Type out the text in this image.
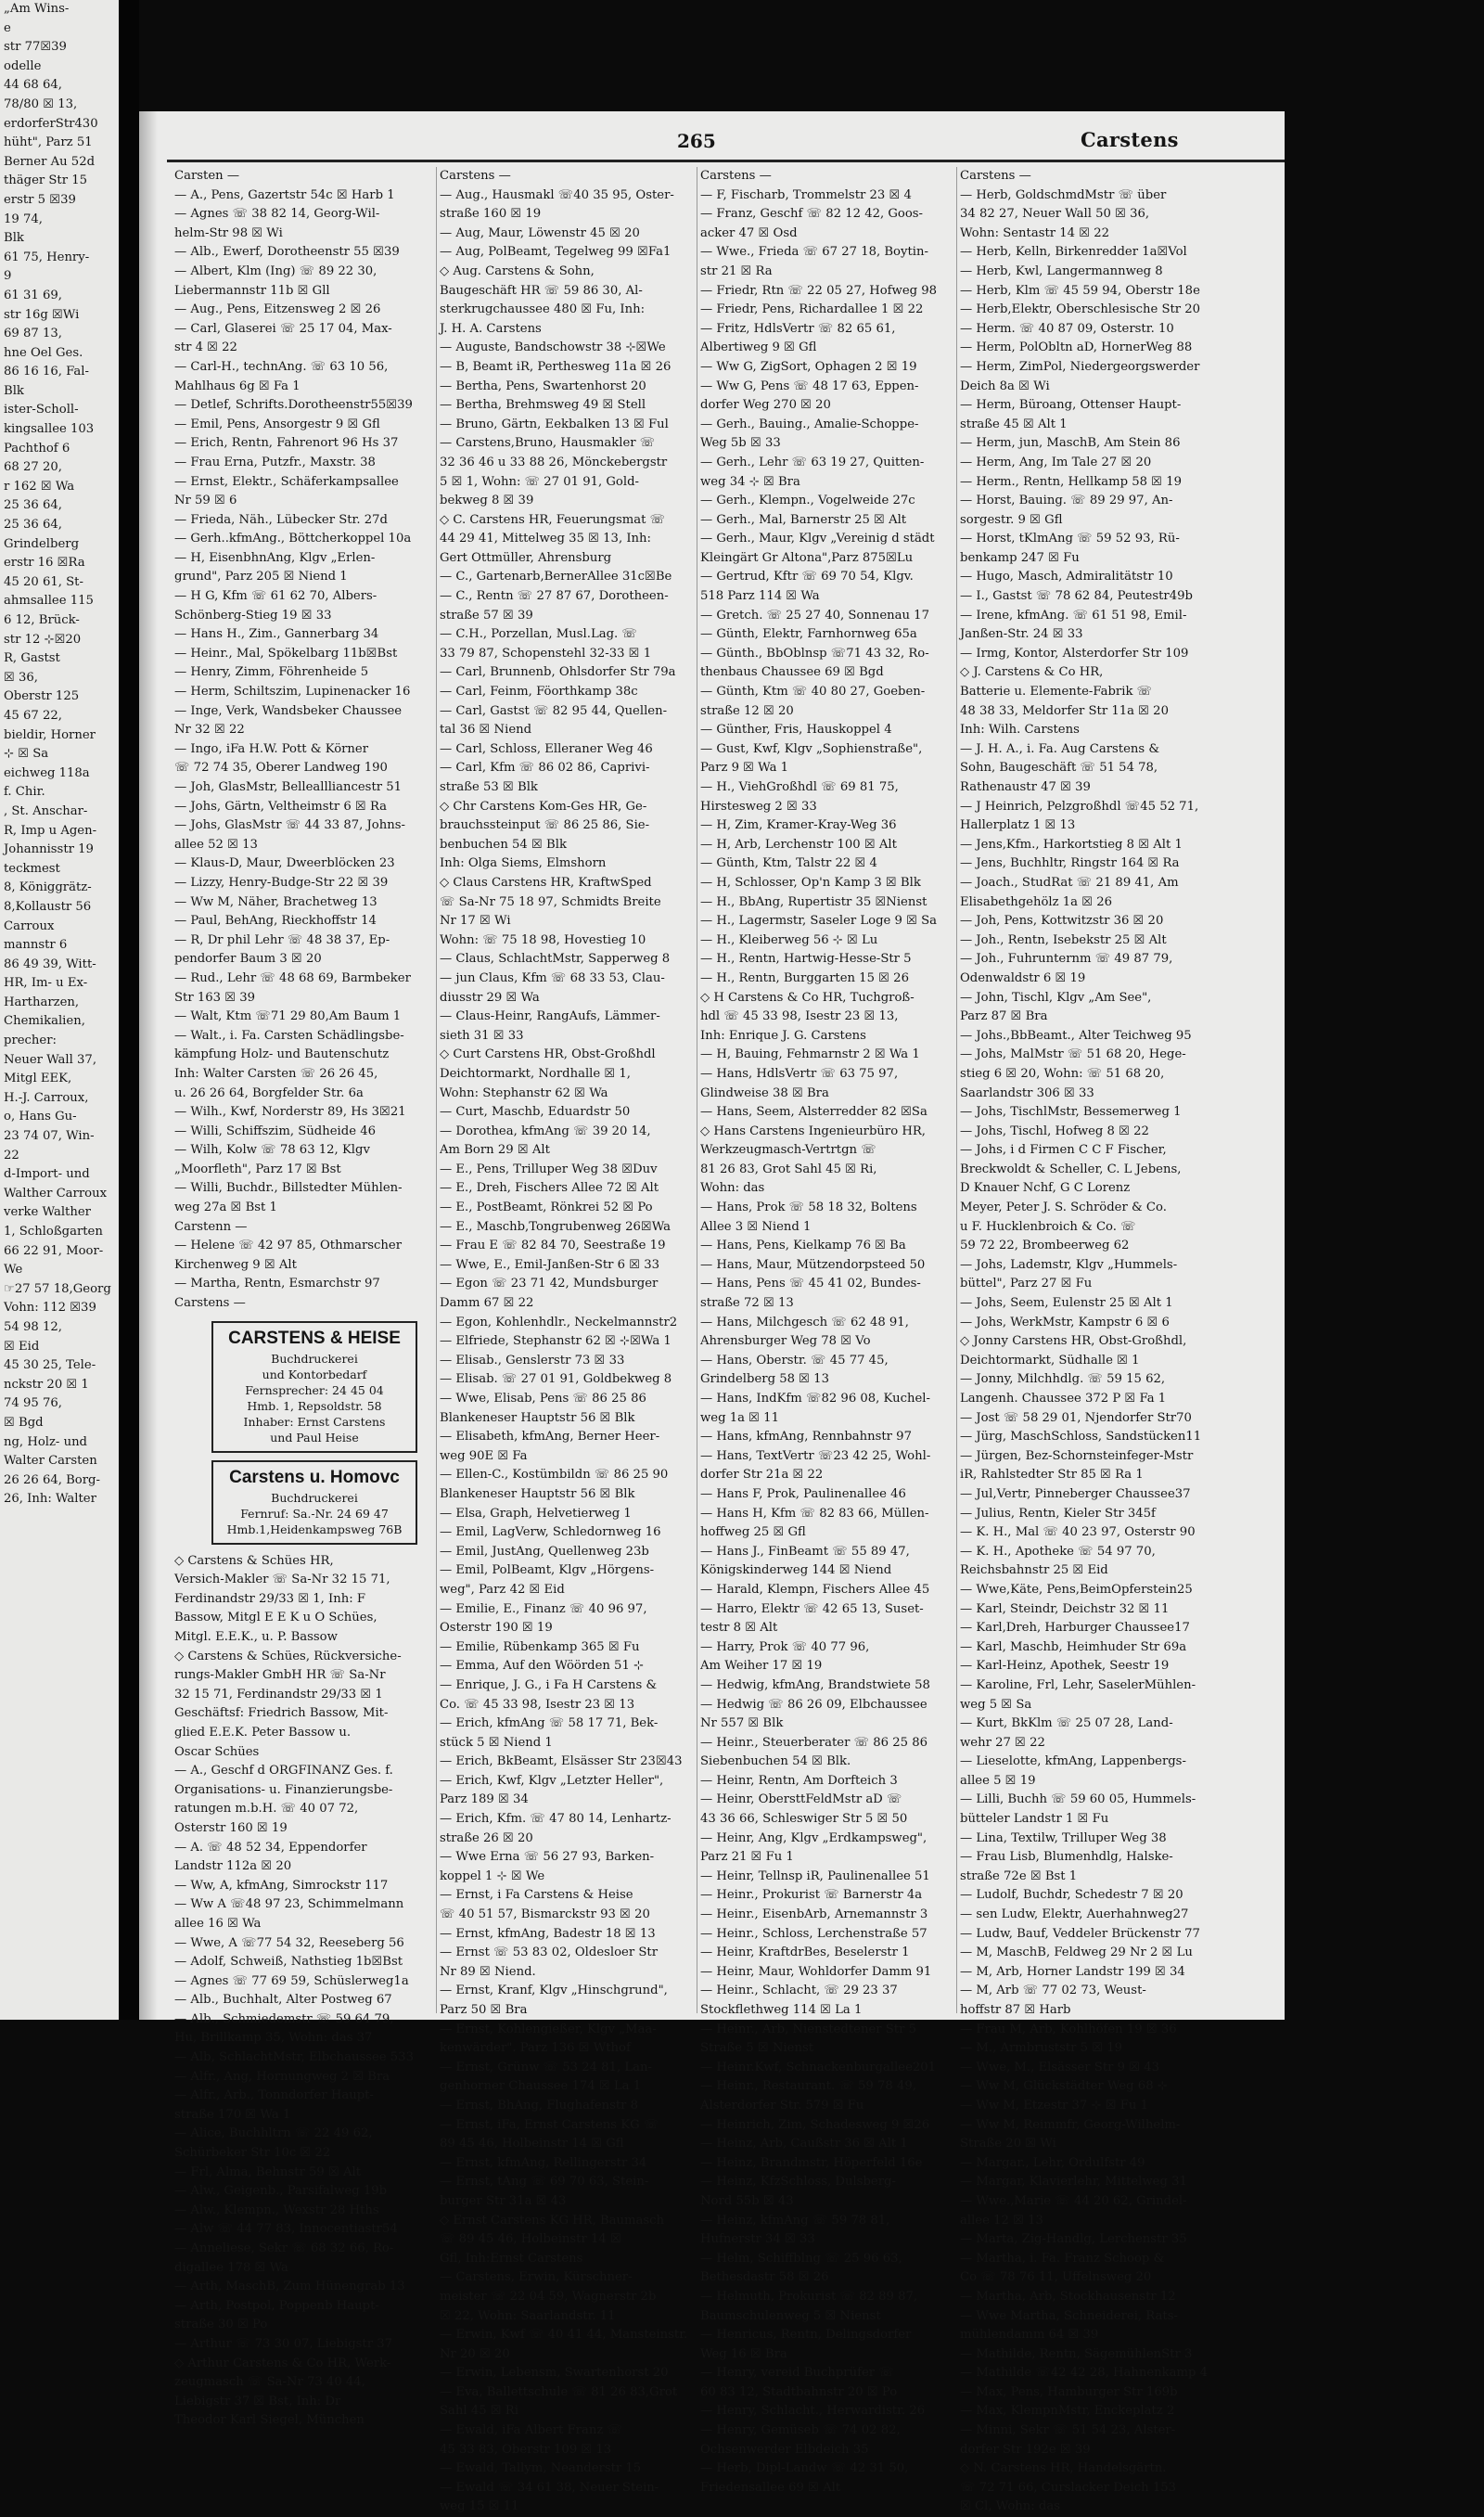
„Am Wins-
e
str 77☒39
odelle
44 68 64,
78/80 ☒ 13,
erdorferStr430
hüht", Parz 51
Berner Au 52d
thäger Str 15
erstr 5 ☒39
19 74,
Blk
61 75, Henry-
9
61 31 69,
str 16g ☒Wi
69 87 13,
hne Oel Ges.
86 16 16, Fal-
Blk
ister-Scholl-
kingsallee 103
Pachthof 6
68 27 20,
r 162 ☒ Wa
25 36 64,
25 36 64,
Grindelberg
erstr 16 ☒Ra
45 20 61, St-
ahmsallee 115
6 12, Brück-
str 12 ⊹☒20
R, Gastst
☒ 36,
Oberstr 125
45 67 22,
bieldir, Horner
⊹ ☒ Sa
eichweg 118a
f. Chir.
, St. Anschar-
R, Imp u Agen-
Johannisstr 19
teckmest
8, Königgrätz-
8,Kollaustr 56
Carroux
mannstr 6
86 49 39, Witt-
HR, Im- u Ex-
Hartharzen,
Chemikalien,
precher:
Neuer Wall 37,
Mitgl EEK,
H.-J. Carroux,
o, Hans Gu-
23 74 07, Win-
22
d-Import- und
Walther Carroux
verke Walther
1, Schloßgarten
66 22 91, Moor-
We
☞27 57 18,Georg
Vohn: 112 ☒39
54 98 12,
☒ Eid
45 30 25, Tele-
nckstr 20 ☒ 1
74 95 76,
☒ Bgd
ng, Holz- und
Walter Carsten
26 26 64, Borg-
26, Inh: Walter
265	Carstens
Carsten —
— A., Pens, Gazertstr 54c ☒ Harb 1
— Agnes ☏ 38 82 14, Georg-Wil-
helm-Str 98 ☒ Wi
— Alb., Ewerf, Dorotheenstr 55 ☒39
— Albert, Klm (Ing) ☏ 89 22 30,
Liebermannstr 11b ☒ Gll
— Aug., Pens, Eitzensweg 2 ☒ 26
— Carl, Glaserei ☏ 25 17 04, Max-
str 4 ☒ 22
— Carl-H., technAng. ☏ 63 10 56,
Mahlhaus 6g ☒ Fa 1
— Detlef, Schrifts.Dorotheenstr55☒39
— Emil, Pens, Ansorgestr 9 ☒ Gfl
— Erich, Rentn, Fahrenort 96 Hs 37
— Frau Erna, Putzfr., Maxstr. 38
— Ernst, Elektr., Schäferkampsallee
Nr 59 ☒ 6
— Frieda, Näh., Lübecker Str. 27d
— Gerh..kfmAng., Böttcherkoppel 10a
— H, EisenbhnAng, Klgv „Erlen-
grund", Parz 205 ☒ Niend 1
— H G, Kfm ☏ 61 62 70, Albers-
Schönberg-Stieg 19 ☒ 33
— Hans H., Zim., Gannerbarg 34
— Heinr., Mal, Spökelbarg 11b☒Bst
— Henry, Zimm, Föhrenheide 5
— Herm, Schiltszim, Lupinenacker 16
— Inge, Verk, Wandsbeker Chaussee
Nr 32 ☒ 22
— Ingo, iFa H.W. Pott & Körner
☏ 72 74 35, Oberer Landweg 190
— Joh, GlasMstr, Belleallliancestr 51
— Johs, Gärtn, Veltheimstr 6 ☒ Ra
— Johs, GlasMstr ☏ 44 33 87, Johns-
allee 52 ☒ 13
— Klaus-D, Maur, Dweerblöcken 23
— Lizzy, Henry-Budge-Str 22 ☒ 39
— Ww M, Näher, Brachetweg 13
— Paul, BehAng, Rieckhoffstr 14
— R, Dr phil Lehr ☏ 48 38 37, Ep-
pendorfer Baum 3 ☒ 20
— Rud., Lehr ☏ 48 68 69, Barmbeker
Str 163 ☒ 39
— Walt, Ktm ☏71 29 80,Am Baum 1
— Walt., i. Fa. Carsten Schädlingsbe-
kämpfung Holz- und Bautenschutz
Inh: Walter Carsten ☏ 26 26 45,
u. 26 26 64, Borgfelder Str. 6a
— Wilh., Kwf, Norderstr 89, Hs 3☒21
— Willi, Schiffszim, Südheide 46
— Wilh, Kolw ☏ 78 63 12, Klgv
„Moorfleth", Parz 17 ☒ Bst
— Willi, Buchdr., Billstedter Mühlen-
weg 27a ☒ Bst 1
Carstenn —
— Helene ☏ 42 97 85, Othmarscher
Kirchenweg 9 ☒ Alt
— Martha, Rentn, Esmarchstr 97
Carstens —
CARSTENS & HEISE
Buchdruckerei
und Kontorbedarf
Fernsprecher: 24 45 04
Hmb. 1, Repsoldstr. 58
Inhaber: Ernst Carstens
und Paul Heise
Carstens u. Homovc
Buchdruckerei
Fernruf: Sa.-Nr. 24 69 47
Hmb.1,Heidenkampsweg 76B
◇ Carstens & Schües HR,
Versich-Makler ☏ Sa-Nr 32 15 71,
Ferdinandstr 29/33 ☒ 1, Inh: F
Bassow, Mitgl E E K u O Schües,
Mitgl. E.E.K., u. P. Bassow
◇ Carstens & Schües, Rückversiche-
rungs-Makler GmbH HR ☏ Sa-Nr
32 15 71, Ferdinandstr 29/33 ☒ 1
Geschäftsf: Friedrich Bassow, Mit-
glied E.E.K. Peter Bassow u.
Oscar Schües
— A., Geschf d ORGFINANZ Ges. f.
Organisations- u. Finanzierungsbe-
ratungen m.b.H. ☏ 40 07 72,
Osterstr 160 ☒ 19
— A. ☏ 48 52 34, Eppendorfer
Landstr 112a ☒ 20
— Ww, A, kfmAng, Simrockstr 117
— Ww A ☏48 97 23, Schimmelmann
allee 16 ☒ Wa
— Wwe, A ☏77 54 32, Reeseberg 56
— Adolf, Schweiß, Nathstieg 1b☒Bst
— Agnes ☏ 77 69 59, Schüslerweg1a
— Alb., Buchhalt, Alter Postweg 67
— Alb., Schmiedemstr ☏ 59 64 79,
Hu, Brillkamp 35, Wohn: das 37
— Alb, SchlachtMstr, Elbchaussee 533
— Alfr., Ang, Hornungweg 2 ☒ Bra
— Alfr., Arb., Tonndorfer Haupt-
straße 170 ☒ Wa 1
— Alice, Buchhltrn ☏ 22 49 62,
Schürbeker Str 10c ☒ 22
— Frl, Alma, Behnstr 59 ☒ Alt
— Alw., Geigenb., Parsifalweg 19b
— Alw., Klempn., Wexstr 28 Hths
— Alw ☏ 44 77 83, Innocentiastr54
— Anneliese, Sekr ☏ 68 32 66, Ro-
digallee 178 ☒ Wa
— Arth, MaschB, Zum Hünengrab 13
— Arth, Postpol, Poppenb Haupt-
straße 30 ☒ Po
— Arthur ☏ 73 30 07, Liebigstr 37
◇ Arthur Carstens & Co HR, Werk-
zeugmasch ☏ Sa-Nr 73 40 44,
Liebigstr 37 ☒ Bst, Inh: Dr
Theodor Karl Siegel, München
Carstens —
— Aug., Hausmakl ☏40 35 95, Oster-
straße 160 ☒ 19
— Aug, Maur, Löwenstr 45 ☒ 20
— Aug, PolBeamt, Tegelweg 99 ☒Fa1
◇ Aug. Carstens & Sohn,
Baugeschäft HR ☏ 59 86 30, Al-
sterkrugchaussee 480 ☒ Fu, Inh:
J. H. A. Carstens
— Auguste, Bandschowstr 38 ⊹☒We
— B, Beamt iR, Perthesweg 11a ☒ 26
— Bertha, Pens, Swartenhorst 20
— Bertha, Brehmsweg 49 ☒ Stell
— Bruno, Gärtn, Eekbalken 13 ☒ Ful
— Carstens,Bruno, Hausmakler ☏
32 36 46 u 33 88 26, Mönckebergstr
5 ☒ 1, Wohn: ☏ 27 01 91, Gold-
bekweg 8 ☒ 39
◇ C. Carstens HR, Feuerungsmat ☏
44 29 41, Mittelweg 35 ☒ 13, Inh:
Gert Ottmüller, Ahrensburg
— C., Gartenarb,BernerAllee 31c☒Be
— C., Rentn ☏ 27 87 67, Dorotheen-
straße 57 ☒ 39
— C.H., Porzellan, Musl.Lag. ☏
33 79 87, Schopenstehl 32-33 ☒ 1
— Carl, Brunnenb, Ohlsdorfer Str 79a
— Carl, Feinm, Föorthkamp 38c
— Carl, Gastst ☏ 82 95 44, Quellen-
tal 36 ☒ Niend
— Carl, Schloss, Elleraner Weg 46
— Carl, Kfm ☏ 86 02 86, Caprivi-
straße 53 ☒ Blk
◇ Chr Carstens Kom-Ges HR, Ge-
brauchssteinput ☏ 86 25 86, Sie-
benbuchen 54 ☒ Blk
Inh: Olga Siems, Elmshorn
◇ Claus Carstens HR, KraftwSped
☏ Sa-Nr 75 18 97, Schmidts Breite
Nr 17 ☒ Wi
Wohn: ☏ 75 18 98, Hovestieg 10
— Claus, SchlachtMstr, Sapperweg 8
— jun Claus, Kfm ☏ 68 33 53, Clau-
diusstr 29 ☒ Wa
— Claus-Heinr, RangAufs, Lämmer-
sieth 31 ☒ 33
◇ Curt Carstens HR, Obst-Großhdl
Deichtormarkt, Nordhalle ☒ 1,
Wohn: Stephanstr 62 ☒ Wa
— Curt, Maschb, Eduardstr 50
— Dorothea, kfmAng ☏ 39 20 14,
Am Born 29 ☒ Alt
— E., Pens, Trilluper Weg 38 ☒Duv
— E., Dreh, Fischers Allee 72 ☒ Alt
— E., PostBeamt, Rönkrei 52 ☒ Po
— E., Maschb,Tongrubenweg 26☒Wa
— Frau E ☏ 82 84 70, Seestraße 19
— Wwe, E., Emil-Janßen-Str 6 ☒ 33
— Egon ☏ 23 71 42, Mundsburger
Damm 67 ☒ 22
— Egon, Kohlenhdlr., Neckelmannstr2
— Elfriede, Stephanstr 62 ☒ ⊹☒Wa 1
— Elisab., Genslerstr 73 ☒ 33
— Elisab. ☏ 27 01 91, Goldbekweg 8
— Wwe, Elisab, Pens ☏ 86 25 86
Blankeneser Hauptstr 56 ☒ Blk
— Elisabeth, kfmAng, Berner Heer-
weg 90E ☒ Fa
— Ellen-C., Kostümbildn ☏ 86 25 90
Blankeneser Hauptstr 56 ☒ Blk
— Elsa, Graph, Helvetierweg 1
— Emil, LagVerw, Schledornweg 16
— Emil, JustAng, Quellenweg 23b
— Emil, PolBeamt, Klgv „Hörgens-
weg", Parz 42 ☒ Eid
— Emilie, E., Finanz ☏ 40 96 97,
Osterstr 190 ☒ 19
— Emilie, Rübenkamp 365 ☒ Fu
— Emma, Auf den Wöörden 51 ⊹
— Enrique, J. G., i Fa H Carstens &
Co. ☏ 45 33 98, Isestr 23 ☒ 13
— Erich, kfmAng ☏ 58 17 71, Bek-
stück 5 ☒ Niend 1
— Erich, BkBeamt, Elsässer Str 23☒43
— Erich, Kwf, Klgv „Letzter Heller",
Parz 189 ☒ 34
— Erich, Kfm. ☏ 47 80 14, Lenhartz-
straße 26 ☒ 20
— Wwe Erna ☏ 56 27 93, Barken-
koppel 1 ⊹ ☒ We
— Ernst, i Fa Carstens & Heise
☏ 40 51 57, Bismarckstr 93 ☒ 20
— Ernst, kfmAng, Badestr 18 ☒ 13
— Ernst ☏ 53 83 02, Oldesloer Str
Nr 89 ☒ Niend.
— Ernst, Kranf, Klgv „Hinschgrund",
Parz 50 ☒ Bra
— Ernst, Kohlengießer, Klgv „Maa-
kenwärder". Parz 136 ☒ Wthof
— Ernst, Grünw ☏ 53 24 81, Lan-
genhorner Chaussee 174 ☒ La 1
— Ernst, BhAng, Flughafenstr 8
— Ernst, iFa, Ernst Carstens KG ☏
89 45 46, Holbeinstr 14 ☒ Gfl
— Ernst, kfmAng, Rellingerstr 34
— Ernst, tAng ☏ 69 70 63, Stein-
burger Str 31a ☒ 43
◇ Ernst Carstens KG HR, Baumasch
☏ 89 45 46, Holbeinstr 14 ☒
Gfl, Inh:Ernst Carstens
— Carstens, Erwin, Kürschner-
meister ☏ 22 04 59, Wagnerstr 2b
☒ 22, Wohn: Saarlandstr. 11
— Erwin, Kwf ☏ 40 41 44, Mansteinstr.
Nr 20 ☒ 20
— Erwin, Lebensm, Swartenhorst 20
— Eva, Ballettschule ☏ 81 26 83,Grot
Sahl 45 ☒ Ri
— Ewald, iFa Albert Franz ☏
45 33 83, Oberstr 109 ☒ 13
— Ewald, Tallym, Neanderstr 15
— Ewald ☏ 34 61 38, Neuer Stein-
weg 15 ☒ 11
Carstens —
— F, Fischarb, Trommelstr 23 ☒ 4
— Franz, Geschf ☏ 82 12 42, Goos-
acker 47 ☒ Osd
— Wwe., Frieda ☏ 67 27 18, Boytin-
str 21 ☒ Ra
— Friedr, Rtn ☏ 22 05 27, Hofweg 98
— Friedr, Pens, Richardallee 1 ☒ 22
— Fritz, HdlsVertr ☏ 82 65 61,
Albertiweg 9 ☒ Gfl
— Ww G, ZigSort, Ophagen 2 ☒ 19
— Ww G, Pens ☏ 48 17 63, Eppen-
dorfer Weg 270 ☒ 20
— Gerh., Bauing., Amalie-Schoppe-
Weg 5b ☒ 33
— Gerh., Lehr ☏ 63 19 27, Quitten-
weg 34 ⊹ ☒ Bra
— Gerh., Klempn., Vogelweide 27c
— Gerh., Mal, Barnerstr 25 ☒ Alt
— Gerh., Maur, Klgv „Vereinig d städt
Kleingärt Gr Altona",Parz 875☒Lu
— Gertrud, Kftr ☏ 69 70 54, Klgv.
518 Parz 114 ☒ Wa
— Gretch. ☏ 25 27 40, Sonnenau 17
— Günth, Elektr, Farnhornweg 65a
— Günth., BbOblnsp ☏71 43 32, Ro-
thenbaus Chaussee 69 ☒ Bgd
— Günth, Ktm ☏ 40 80 27, Goeben-
straße 12 ☒ 20
— Günther, Fris, Hauskoppel 4
— Gust, Kwf, Klgv „Sophienstraße",
Parz 9 ☒ Wa 1
— H., ViehGroßhdl ☏ 69 81 75,
Hirstesweg 2 ☒ 33
— H, Zim, Kramer-Kray-Weg 36
— H, Arb, Lerchenstr 100 ☒ Alt
— Günth, Ktm, Talstr 22 ☒ 4
— H, Schlosser, Op'n Kamp 3 ☒ Blk
— H., BbAng, Rupertistr 35 ☒Nienst
— H., Lagermstr, Saseler Loge 9 ☒ Sa
— H., Kleiberweg 56 ⊹ ☒ Lu
— H., Rentn, Hartwig-Hesse-Str 5
— H., Rentn, Burggarten 15 ☒ 26
◇ H Carstens & Co HR, Tuchgroß-
hdl ☏ 45 33 98, Isestr 23 ☒ 13,
Inh: Enrique J. G. Carstens
— H, Bauing, Fehmarnstr 2 ☒ Wa 1
— Hans, HdlsVertr ☏ 63 75 97,
Glindweise 38 ☒ Bra
— Hans, Seem, Alsterredder 82 ☒Sa
◇ Hans Carstens Ingenieurbüro HR,
Werkzeugmasch-Vertrtgn ☏
81 26 83, Grot Sahl 45 ☒ Ri,
Wohn: das
— Hans, Prok ☏ 58 18 32, Boltens
Allee 3 ☒ Niend 1
— Hans, Pens, Kielkamp 76 ☒ Ba
— Hans, Maur, Mützendorpsteed 50
— Hans, Pens ☏ 45 41 02, Bundes-
straße 72 ☒ 13
— Hans, Milchgesch ☏ 62 48 91,
Ahrensburger Weg 78 ☒ Vo
— Hans, Oberstr. ☏ 45 77 45,
Grindelberg 58 ☒ 13
— Hans, IndKfm ☏82 96 08, Kuchel-
weg 1a ☒ 11
— Hans, kfmAng, Rennbahnstr 97
— Hans, TextVertr ☏23 42 25, Wohl-
dorfer Str 21a ☒ 22
— Hans F, Prok, Paulinenallee 46
— Hans H, Kfm ☏ 82 83 66, Müllen-
hoffweg 25 ☒ Gfl
— Hans J., FinBeamt ☏ 55 89 47,
Königskinderweg 144 ☒ Niend
— Harald, Klempn, Fischers Allee 45
— Harro, Elektr ☏ 42 65 13, Suset-
testr 8 ☒ Alt
— Harry, Prok ☏ 40 77 96,
Am Weiher 17 ☒ 19
— Hedwig, kfmAng, Brandstwiete 58
— Hedwig ☏ 86 26 09, Elbchaussee
Nr 557 ☒ Blk
— Heinr., Steuerberater ☏ 86 25 86
Siebenbuchen 54 ☒ Blk.
— Heinr, Rentn, Am Dorfteich 3
— Heinr, ObersttFeldMstr aD ☏
43 36 66, Schleswiger Str 5 ☒ 50
— Heinr, Ang, Klgv „Erdkampsweg",
Parz 21 ☒ Fu 1
— Heinr, Tellnsp iR, Paulinenallee 51
— Heinr., Prokurist ☏ Barnerstr 4a
— Heinr., EisenbArb, Arnemannstr 3
— Heinr., Schloss, Lerchenstraße 57
— Heinr, KraftdrBes, Beselerstr 1
— Heinr, Maur, Wohldorfer Damm 91
— Heinr., Schlacht, ☏ 29 23 37
Stockflethweg 114 ☒ La 1
— Heinr., Arb, Nienstedtener Str 5
Straße 5 ☒ Nienst
— Heinr.Kwf, Schnackenburgallee201
— Heinr., Restaurant. ☏ 59 78 49,
Alsterdorfer Str. 579 ☒ Fu
— Heinrich, Zim, Schadesweg 9 ☒26
— Heinz, Arb, Caußstr 36 ☒ Alt 1
— Heinz, Brandmstr, Höperfeld 16e
— Heinz, KfzSchloss, Dulsberg-
Nord 55b ☒ 43
— Heinz, kfmAng ☏ 59 78 81,
Hufnerstr 34 ☒ 33
— Helm, Schiffblng ☏ 25 96 63,
Bethesdastr 58 ☒ 26
— Helmuth, Prokurist ☏ 82 89 87,
Baumschulenweg 5 ☒ Nienst
— Henricus, Rentn, Delingsdorfer
Weg 16 ☒ Bra
— Henry, vereid Buchprüfer ☏
60 83 12, Stadtbahnstr 20 ☒ Po
— Henry, Schlacht., Herwardistr. 26
— Henry, Gemüseb ☏ 74 02 82,
Ochsenwerder Elbdeich 35
— Herb, Dipl-Landw ☏ 42 31 50,
Friedensallee 69 ☒ Alt
Carstens —
— Herb, GoldschmdMstr ☏ über
34 82 27, Neuer Wall 50 ☒ 36,
Wohn: Sentastr 14 ☒ 22
— Herb, Kelln, Birkenredder 1a☒Vol
— Herb, Kwl, Langermannweg 8
— Herb, Klm ☏ 45 59 94, Oberstr 18e
— Herb,Elektr, Oberschlesische Str 20
— Herm. ☏ 40 87 09, Osterstr. 10
— Herm, PolObltn aD, HornerWeg 88
— Herm, ZimPol, Niedergeorgswerder
Deich 8a ☒ Wi
— Herm, Büroang, Ottenser Haupt-
straße 45 ☒ Alt 1
— Herm, jun, MaschB, Am Stein 86
— Herm, Ang, Im Tale 27 ☒ 20
— Herm., Rentn, Hellkamp 58 ☒ 19
— Horst, Bauing. ☏ 89 29 97, An-
sorgestr. 9 ☒ Gfl
— Horst, tKlmAng ☏ 59 52 93, Rü-
benkamp 247 ☒ Fu
— Hugo, Masch, Admiralitätstr 10
— I., Gastst ☏ 78 62 84, Peutestr49b
— Irene, kfmAng. ☏ 61 51 98, Emil-
Janßen-Str. 24 ☒ 33
— Irmg, Kontor, Alsterdorfer Str 109
◇ J. Carstens & Co HR,
Batterie u. Elemente-Fabrik ☏
48 38 33, Meldorfer Str 11a ☒ 20
Inh: Wilh. Carstens
— J. H. A., i. Fa. Aug Carstens &
Sohn, Baugeschäft ☏ 51 54 78,
Rathenaustr 47 ☒ 39
— J Heinrich, Pelzgroßhdl ☏45 52 71,
Hallerplatz 1 ☒ 13
— Jens,Kfm., Harkortstieg 8 ☒ Alt 1
— Jens, Buchhltr, Ringstr 164 ☒ Ra
— Joach., StudRat ☏ 21 89 41, Am
Elisabethgehölz 1a ☒ 26
— Joh, Pens, Kottwitzstr 36 ☒ 20
— Joh., Rentn, Isebekstr 25 ☒ Alt
— Joh., Fuhrunternm ☏ 49 87 79,
Odenwaldstr 6 ☒ 19
— John, Tischl, Klgv „Am See",
Parz 87 ☒ Bra
— Johs.,BbBeamt., Alter Teichweg 95
— Johs, MalMstr ☏ 51 68 20, Hege-
stieg 6 ☒ 20, Wohn: ☏ 51 68 20,
Saarlandstr 306 ☒ 33
— Johs, TischlMstr, Bessemerweg 1
— Johs, Tischl, Hofweg 8 ☒ 22
— Johs, i d Firmen C C F Fischer,
Breckwoldt & Scheller, C. L Jebens,
D Knauer Nchf, G C Lorenz
Meyer, Peter J. S. Schröder & Co.
u F. Hucklenbroich & Co. ☏
59 72 22, Brombeerweg 62
— Johs, Lademstr, Klgv „Hummels-
büttel", Parz 27 ☒ Fu
— Johs, Seem, Eulenstr 25 ☒ Alt 1
— Johs, WerkMstr, Kampstr 6 ☒ 6
◇ Jonny Carstens HR, Obst-Großhdl,
Deichtormarkt, Südhalle ☒ 1
— Jonny, Milchhdlg. ☏ 59 15 62,
Langenh. Chaussee 372 P ☒ Fa 1
— Jost ☏ 58 29 01, Njendorfer Str70
— Jürg, MaschSchloss, Sandstücken11
— Jürgen, Bez-Schornsteinfeger-Mstr
iR, Rahlstedter Str 85 ☒ Ra 1
— Jul,Vertr, Pinneberger Chaussee37
— Julius, Rentn, Kieler Str 345f
— K. H., Mal ☏ 40 23 97, Osterstr 90
— K. H., Apotheke ☏ 54 97 70,
Reichsbahnstr 25 ☒ Eid
— Wwe,Käte, Pens,BeimOpferstein25
— Karl, Steindr, Deichstr 32 ☒ 11
— Karl,Dreh, Harburger Chaussee17
— Karl, Maschb, Heimhuder Str 69a
— Karl-Heinz, Apothek, Seestr 19
— Karoline, Frl, Lehr, SaselerMühlen-
weg 5 ☒ Sa
— Kurt, BkKlm ☏ 25 07 28, Land-
wehr 27 ☒ 22
— Lieselotte, kfmAng, Lappenbergs-
allee 5 ☒ 19
— Lilli, Buchh ☏ 59 60 05, Hummels-
bütteler Landstr 1 ☒ Fu
— Lina, Textilw, Trilluper Weg 38
— Frau Lisb, Blumenhdlg, Halske-
straße 72e ☒ Bst 1
— Ludolf, Buchdr, Schedestr 7 ☒ 20
— sen Ludw, Elektr, Auerhahnweg27
— Ludw, Bauf, Veddeler Brückenstr 77
— M, MaschB, Feldweg 29 Nr 2 ☒ Lu
— M, Arb, Horner Landstr 199 ☒ 34
— M, Arb ☏ 77 02 73, Weust-
hoffstr 87 ☒ Harb
— Frau M, Arb, Kohlhöfen 19 ☒ 36
— M., Armbruststr 5 ☒ 19
— Wwe, M., Elsässer Str 9 ☒ 43
— Ww M, Glückstädter Weg 68 ⊹
— Ww M, Etzestr 37 ⊹ ☒ Fu 1
— Ww M, Reimmfr, Georg-Wilhelm-
Straße 20 ☒ Wi
— Margar., Lehr, Ordulfstr 49
— Margar, Klavierlehr, Mittelweg 31
— Wwe.,Marie ☏ 44 20 62, Grindel-
allee 12 ☒ 13
— Marta, Zig-Handlg, Lerchenstr 35
— Martha, i. Fa. Franz Schoop &
Co ☏ 78 76 11, Uffelnsweg 20
— Martha, Arb, Stockhausenstr 12
— Wwe Martha, Schneiderei, Rats-
mühlendamm 64 ☒ 39
— Mathilde, Rentn, SägemühlenStr 3
— Mathilde ☏42 42 28, Hahnenkamp 4
— Max, Pens, Hamburger Str 169b
— Max, KlempnMstr, Enckeplatz 2
— Minni, Sekr ☏ 51 54 23, Alster-
dorfer Str 192e ☒ 39
◇ N. Carstens HR, Handelsgärtn.
☏ 72 71 66, Curslacker Deich 153
☒ Cl, Wohn: das
